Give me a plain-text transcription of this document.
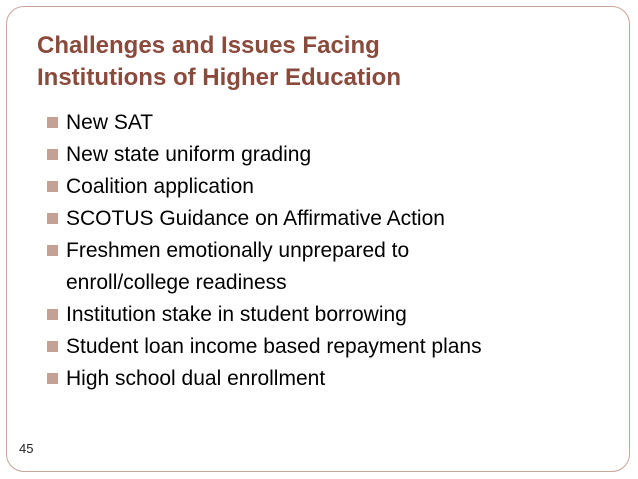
Challenges and Issues Facing
Institutions of Higher Education
New SAT
New state uniform grading
Coalition application
SCOTUS Guidance on Affirmative Action
Freshmen emotionally unprepared to
enroll/college readiness
Institution stake in student borrowing
Student loan income based repayment plans
High school dual enrollment
45
